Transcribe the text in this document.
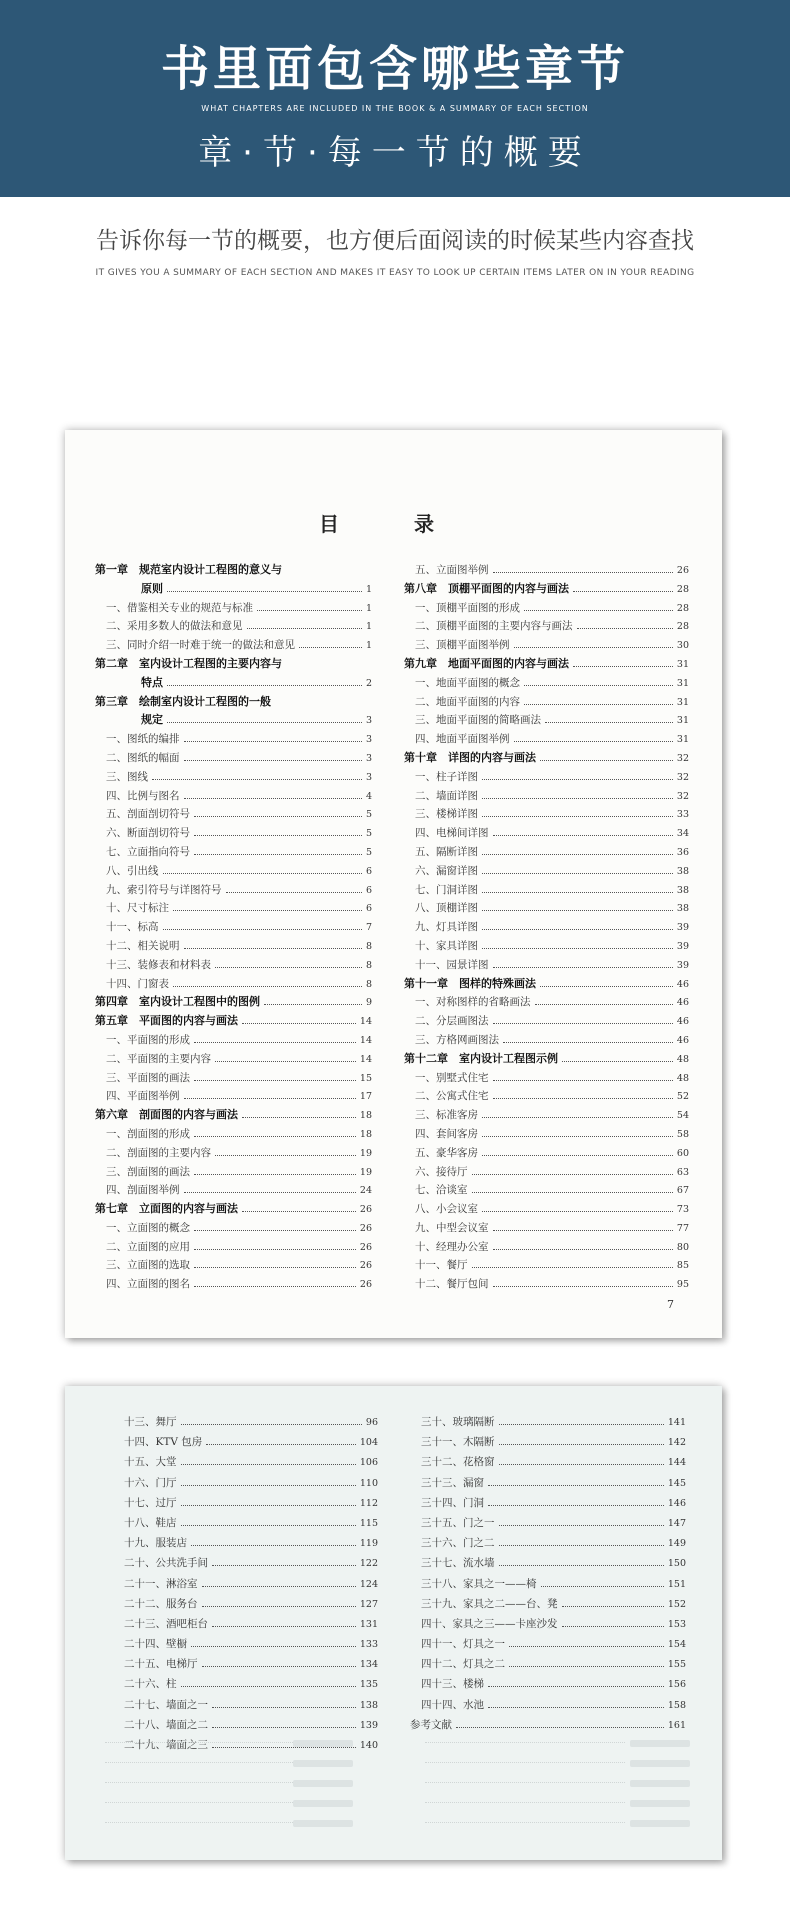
书里面包含哪些章节
WHAT CHAPTERS ARE INCLUDED IN THE BOOK & A SUMMARY OF EACH SECTION
章·节·每一节的概要
告诉你每一节的概要，也方便后面阅读的时候某些内容查找
IT GIVES YOU A SUMMARY OF EACH SECTION AND MAKES IT EASY TO LOOK UP CERTAIN ITEMS LATER ON IN YOUR READING
目 录
第一章　规范室内设计工程图的意义与
原则	1
一、借鉴相关专业的规范与标准	1
二、采用多数人的做法和意见	1
三、同时介绍一时难于统一的做法和意见	1
第二章　室内设计工程图的主要内容与
特点	2
第三章　绘制室内设计工程图的一般
规定	3
一、图纸的编排	3
二、图纸的幅面	3
三、图线	3
四、比例与图名	4
五、剖面剖切符号	5
六、断面剖切符号	5
七、立面指向符号	5
八、引出线	6
九、索引符号与详图符号	6
十、尺寸标注	6
十一、标高	7
十二、相关说明	8
十三、装修表和材料表	8
十四、门窗表	8
第四章　室内设计工程图中的图例	9
第五章　平面图的内容与画法	14
一、平面图的形成	14
二、平面图的主要内容	14
三、平面图的画法	15
四、平面图举例	17
第六章　剖面图的内容与画法	18
一、剖面图的形成	18
二、剖面图的主要内容	19
三、剖面图的画法	19
四、剖面图举例	24
第七章　立面图的内容与画法	26
一、立面图的概念	26
二、立面图的应用	26
三、立面图的选取	26
四、立面图的图名	26
五、立面图举例	26
第八章　顶棚平面图的内容与画法	28
一、顶棚平面图的形成	28
二、顶棚平面图的主要内容与画法	28
三、顶棚平面图举例	30
第九章　地面平面图的内容与画法	31
一、地面平面图的概念	31
二、地面平面图的内容	31
三、地面平面图的简略画法	31
四、地面平面图举例	31
第十章　详图的内容与画法	32
一、柱子详图	32
二、墙面详图	32
三、楼梯详图	33
四、电梯间详图	34
五、隔断详图	36
六、漏窗详图	38
七、门洞详图	38
八、顶棚详图	38
九、灯具详图	39
十、家具详图	39
十一、园景详图	39
第十一章　图样的特殊画法	46
一、对称图样的省略画法	46
二、分层画图法	46
三、方格网画图法	46
第十二章　室内设计工程图示例	48
一、别墅式住宅	48
二、公寓式住宅	52
三、标准客房	54
四、套间客房	58
五、豪华客房	60
六、接待厅	63
七、洽谈室	67
八、小会议室	73
九、中型会议室	77
十、经理办公室	80
十一、餐厅	85
十二、餐厅包间	95
7
十三、舞厅	96
十四、KTV 包房	104
十五、大堂	106
十六、门厅	110
十七、过厅	112
十八、鞋店	115
十九、服装店	119
二十、公共洗手间	122
二十一、淋浴室	124
二十二、服务台	127
二十三、酒吧柜台	131
二十四、壁橱	133
二十五、电梯厅	134
二十六、柱	135
二十七、墙面之一	138
二十八、墙面之二	139
二十九、墙面之三	140
三十、玻璃隔断	141
三十一、木隔断	142
三十二、花格窗	144
三十三、漏窗	145
三十四、门洞	146
三十五、门之一	147
三十六、门之二	149
三十七、流水墙	150
三十八、家具之一——椅	151
三十九、家具之二——台、凳	152
四十、家具之三——卡座沙发	153
四十一、灯具之一	154
四十二、灯具之二	155
四十三、楼梯	156
四十四、水池	158
参考文献	161
